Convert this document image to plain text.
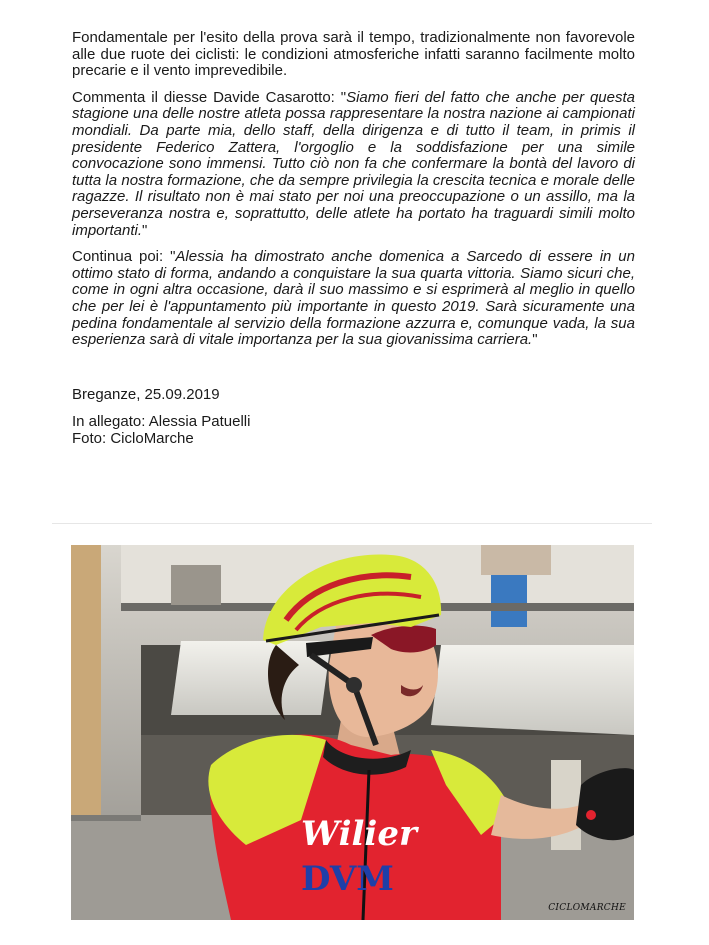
Fondamentale per l'esito della prova sarà il tempo, tradizionalmente non favorevole alle due ruote dei ciclisti: le condizioni atmosferiche infatti saranno facilmente molto precarie e il vento imprevedibile.

Commenta il diesse Davide Casarotto: "Siamo fieri del fatto che anche per questa stagione una delle nostre atleta possa rappresentare la nostra nazione ai campionati mondiali. Da parte mia, dello staff, della dirigenza e di tutto il team, in primis il presidente Federico Zattera, l'orgoglio e la soddisfazione per una simile convocazione sono immensi. Tutto ciò non fa che confermare la bontà del lavoro di tutta la nostra formazione, che da sempre privilegia la crescita tecnica e morale delle ragazze. Il risultato non è mai stato per noi una preoccupazione o un assillo, ma la perseveranza nostra e, soprattutto, delle atlete ha portato ha traguardi simili molto importanti."

Continua poi: "Alessia ha dimostrato anche domenica a Sarcedo di essere in un ottimo stato di forma, andando a conquistare la sua quarta vittoria. Siamo sicuri che, come in ogni altra occasione, darà il suo massimo e si esprimerà al meglio in quello che per lei è l'appuntamento più importante in questo 2019. Sarà sicuramente una pedina fondamentale al servizio della formazione azzurra e, comunque vada, la sua esperienza sarà di vitale importanza per la sua giovanissima carriera."

Breganze, 25.09.2019

In allegato: Alessia Patuelli

Foto: CicloMarche

Wilier
DVM
CICLOMARCHE
